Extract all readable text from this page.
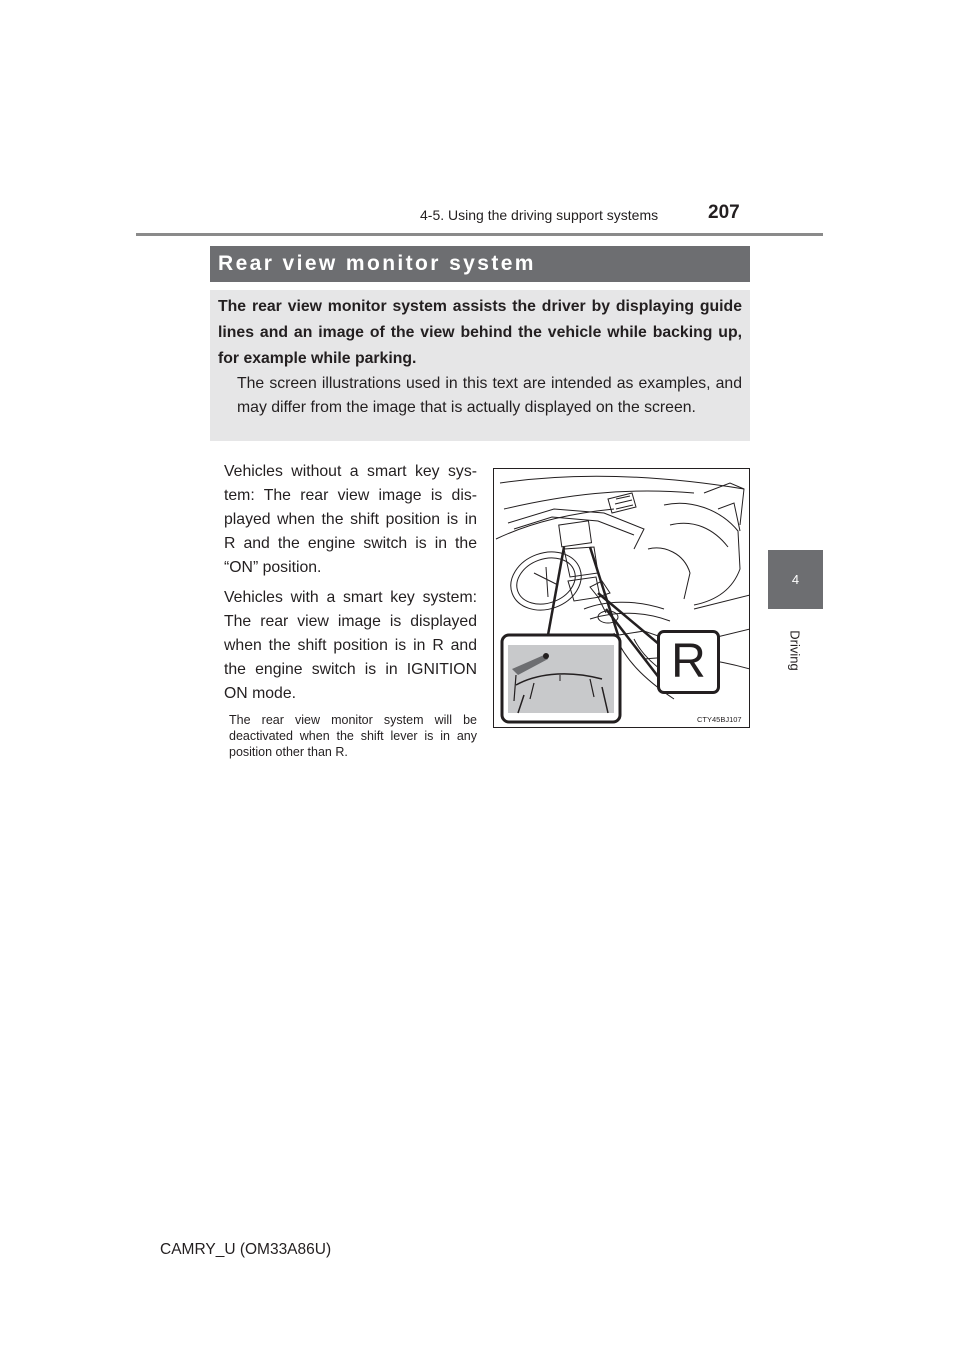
4-5. Using the driving support systems	207
4
Driving
Rear view monitor system

The rear view monitor system assists the driver by displaying guide lines and an image of the view behind the vehicle while backing up, for example while parking.

The screen illustrations used in this text are intended as examples, and may differ from the image that is actually displayed on the screen.

Vehicles without a smart key sys-tem: The rear view image is dis-played when the shift position is in R and the engine switch is in the “ON” position.

Vehicles with a smart key system: The rear view image is displayed when the shift position is in R and the engine switch is in IGNITION ON mode.

The rear view monitor system will be deactivated when the shift lever is in any position other than R.

R
CTY45BJ107
CAMRY_U (OM33A86U)
